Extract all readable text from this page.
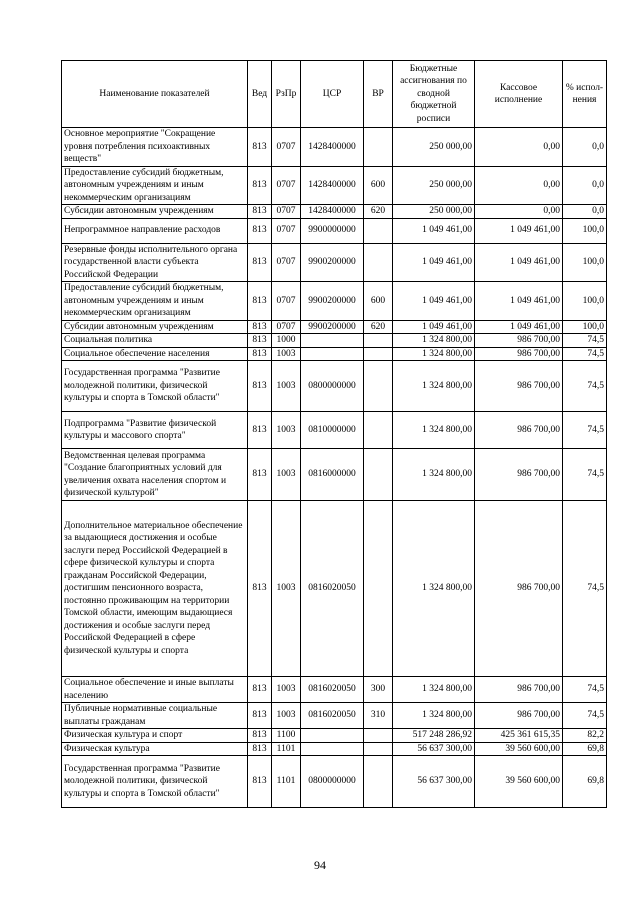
Наименование показателей	Вед	РзПр	ЦСР	ВР	Бюджетные ассигнования по сводной бюджетной росписи	Кассовое исполнение	% испол-нения
Основное мероприятие "Сокращение уровня потребления психоактивных веществ"	813	0707	1428400000		250 000,00	0,00	0,0
Предоставление субсидий бюджетным, автономным учреждениям и иным некоммерческим организациям	813	0707	1428400000	600	250 000,00	0,00	0,0
Субсидии автономным учреждениям	813	0707	1428400000	620	250 000,00	0,00	0,0
Непрограммное направление расходов	813	0707	9900000000		1 049 461,00	1 049 461,00	100,0
Резервные фонды исполнительного органа государственной власти субъекта Российской Федерации	813	0707	9900200000		1 049 461,00	1 049 461,00	100,0
Предоставление субсидий бюджетным, автономным учреждениям и иным некоммерческим организациям	813	0707	9900200000	600	1 049 461,00	1 049 461,00	100,0
Субсидии автономным учреждениям	813	0707	9900200000	620	1 049 461,00	1 049 461,00	100,0
Социальная политика	813	1000			1 324 800,00	986 700,00	74,5
Социальное обеспечение населения	813	1003			1 324 800,00	986 700,00	74,5
Государственная программа "Развитие молодежной политики, физической культуры и спорта в Томской области"	813	1003	0800000000		1 324 800,00	986 700,00	74,5
Подпрограмма "Развитие физической культуры и массового спорта"	813	1003	0810000000		1 324 800,00	986 700,00	74,5
Ведомственная целевая программа "Создание благоприятных условий для увеличения охвата населения спортом и физической культурой"	813	1003	0816000000		1 324 800,00	986 700,00	74,5
Дополнительное материальное обеспечение за выдающиеся достижения и особые заслуги перед Российской Федерацией в сфере физической культуры и спорта гражданам Российской Федерации, достигшим пенсионного возраста, постоянно проживающим на территории Томской области, имеющим выдающиеся достижения и особые заслуги перед Российской Федерацией в сфере физической культуры и спорта	813	1003	0816020050		1 324 800,00	986 700,00	74,5
Социальное обеспечение и иные выплаты населению	813	1003	0816020050	300	1 324 800,00	986 700,00	74,5
Публичные нормативные социальные выплаты гражданам	813	1003	0816020050	310	1 324 800,00	986 700,00	74,5
Физическая культура и спорт	813	1100			517 248 286,92	425 361 615,35	82,2
Физическая культура	813	1101			56 637 300,00	39 560 600,00	69,8
Государственная программа "Развитие молодежной политики, физической культуры и спорта в Томской области"	813	1101	0800000000		56 637 300,00	39 560 600,00	69,8
94
